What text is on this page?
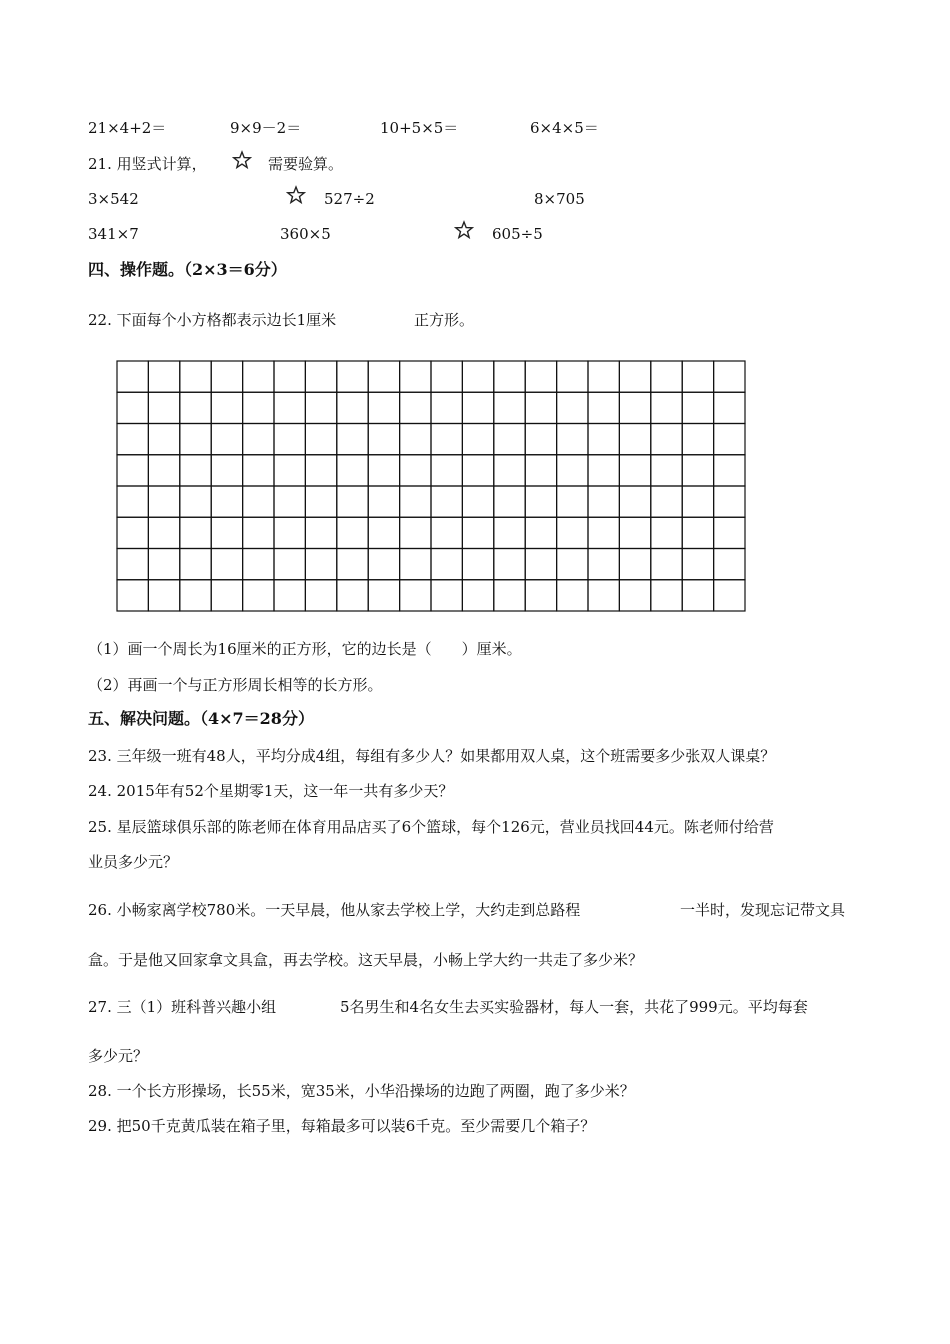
21×4+2＝	9×9－2＝	10+5×5＝	6×4×5＝
21. 用竖式计算，	需要验算。
3×542	527÷2	8×705
341×7	360×5	605÷5
四、操作题。（2×3＝6分）
22. 下面每个小方格都表示边长1厘米	正方形。
（1）画一个周长为16厘米的正方形，它的边长是（　　）厘米。
（2）再画一个与正方形周长相等的长方形。
五、解决问题。（4×7＝28分）
23. 三年级一班有48人，平均分成4组，每组有多少人？如果都用双人桌，这个班需要多少张双人课桌？
24. 2015年有52个星期零1天，这一年一共有多少天？
25. 星辰篮球俱乐部的陈老师在体育用品店买了6个篮球，每个126元，营业员找回44元。陈老师付给营
业员多少元？
26. 小畅家离学校780米。一天早晨，他从家去学校上学，大约走到总路程	一半时，发现忘记带文具
盒。于是他又回家拿文具盒，再去学校。这天早晨，小畅上学大约一共走了多少米？
27. 三（1）班科普兴趣小组	5名男生和4名女生去买实验器材，每人一套，共花了999元。平均每套
多少元？
28. 一个长方形操场，长55米，宽35米，小华沿操场的边跑了两圈，跑了多少米？
29. 把50千克黄瓜装在箱子里，每箱最多可以装6千克。至少需要几个箱子？
